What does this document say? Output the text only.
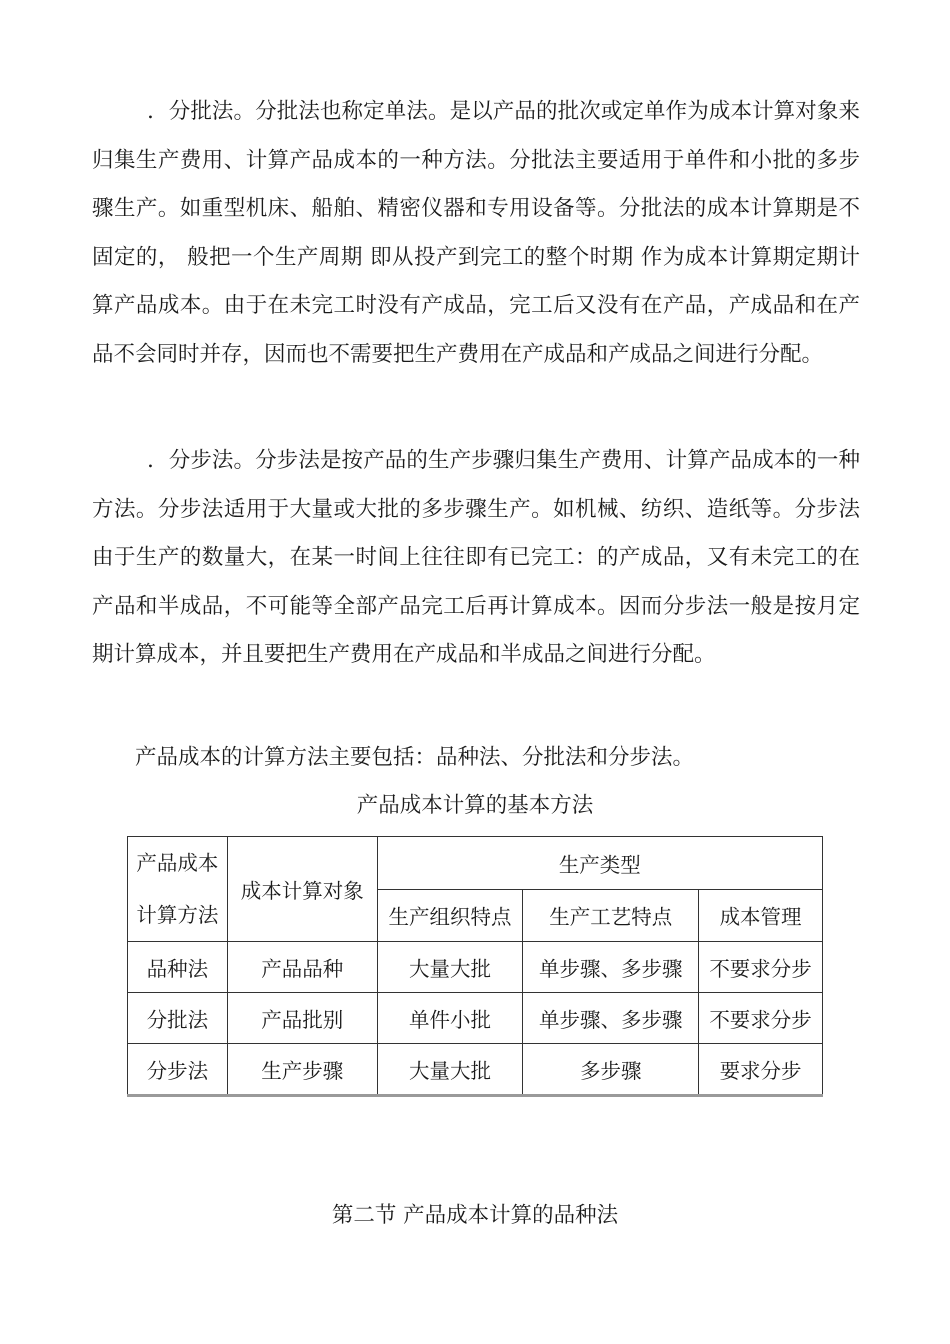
．分批法。分批法也称定单法。是以产品的批次或定单作为成本计算对象来归集生产费用、计算产品成本的一种方法。分批法主要适用于单件和小批的多步骤生产。如重型机床、船舶、精密仪器和专用设备等。分批法的成本计算期是不固定的， 般把一个生产周期 即从投产到完工的整个时期 作为成本计算期定期计算产品成本。由于在未完工时没有产成品，完工后又没有在产品，产成品和在产品不会同时并存，因而也不需要把生产费用在产成品和产成品之间进行分配。

．分步法。分步法是按产品的生产步骤归集生产费用、计算产品成本的一种方法。分步法适用于大量或大批的多步骤生产。如机械、纺织、造纸等。分步法由于生产的数量大，在某一时间上往往即有已完工：的产成品，又有未完工的在产品和半成品，不可能等全部产品完工后再计算成本。因而分步法一般是按月定期计算成本，并且要把生产费用在产成品和半成品之间进行分配。

产品成本的计算方法主要包括：品种法、分批法和分步法。

产品成本计算的基本方法

产品成本计算方法	成本计算对象	生产类型		
		生产组织特点	生产工艺特点	成本管理
品种法	产品品种	大量大批	单步骤、多步骤	不要求分步
分批法	产品批别	单件小批	单步骤、多步骤	不要求分步
分步法	生产步骤	大量大批	多步骤	要求分步

第二节 产品成本计算的品种法
